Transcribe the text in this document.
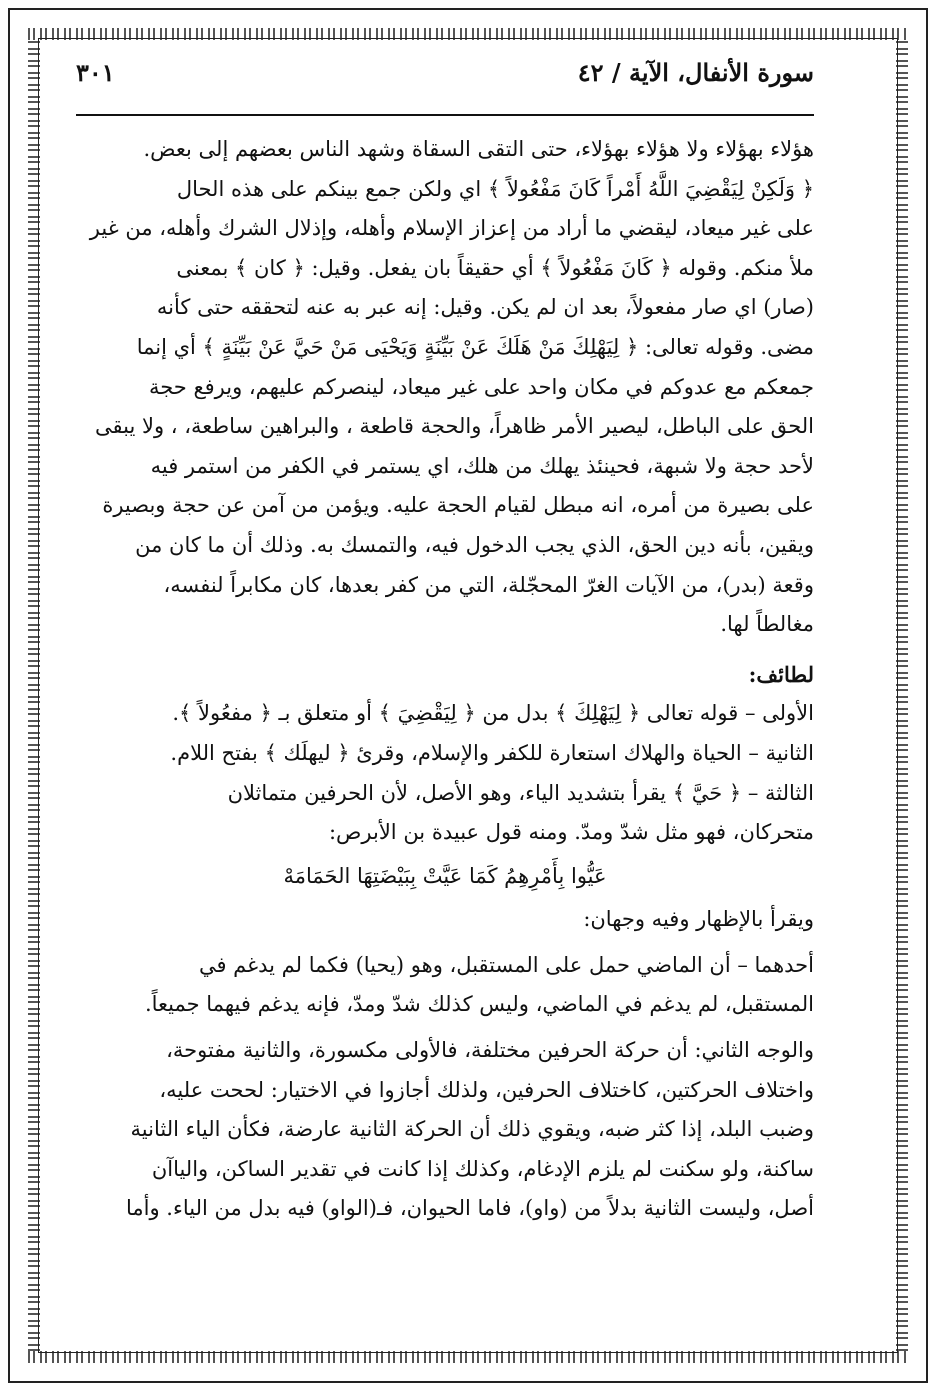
سورة الأنفال، الآية / ٤٢
٣٠١
هؤلاء بهؤلاء ولا هؤلاء بهؤلاء، حتى التقى السقاة وشهد الناس بعضهم إلى بعض.
﴿ وَلَكِنْ لِيَقْضِيَ اللَّهُ أَمْراً كَانَ مَفْعُولاً ﴾ اي ولكن جمع بينكم على هذه الحال
على غير ميعاد، ليقضي ما أراد من إعزاز الإسلام وأهله، وإذلال الشرك وأهله، من غير
ملأ منكم. وقوله ﴿ كَانَ مَفْعُولاً ﴾ أي حقيقاً بان يفعل. وقيل: ﴿ كان ﴾ بمعنى
(صار) اي صار مفعولاً، بعد ان لم يكن. وقيل: إنه عبر به عنه لتحققه حتى كأنه
مضى. وقوله تعالى: ﴿ لِيَهْلِكَ مَنْ هَلَكَ عَنْ بَيِّنَةٍ وَيَحْيَى مَنْ حَيَّ عَنْ بَيِّنَةٍ ﴾ أي إنما
جمعكم مع عدوكم في مكان واحد على غير ميعاد، لينصركم عليهم، ويرفع حجة
الحق على الباطل، ليصير الأمر ظاهراً، والحجة قاطعة ، والبراهين ساطعة، ، ولا يبقى
لأحد حجة ولا شبهة، فحينئذ يهلك من هلك، اي يستمر في الكفر من استمر فيه
على بصيرة من أمره، انه مبطل لقيام الحجة عليه. ويؤمن من آمن عن حجة وبصيرة
ويقين، بأنه دين الحق، الذي يجب الدخول فيه، والتمسك به. وذلك أن ما كان من
وقعة (بدر)، من الآيات الغرّ المحجّلة، التي من كفر بعدها، كان مكابراً لنفسه،
مغالطاً لها.
لطائف:
الأولى – قوله تعالى ﴿ لِيَهْلِكَ ﴾ بدل من ﴿ لِيَقْضِيَ ﴾ أو متعلق بـ ﴿ مفعُولاً ﴾.
الثانية – الحياة والهلاك استعارة للكفر والإسلام، وقرئ ﴿ ليهلَك ﴾ بفتح اللام.
الثالثة – ﴿ حَيَّ ﴾ يقرأ بتشديد الياء، وهو الأصل، لأن الحرفين متماثلان
متحركان، فهو مثل شدّ ومدّ. ومنه قول عبيدة بن الأبرص:
عَيُّوا بِأَمْرِهِمُ كَمَا عَيَّتْ بِبَيْضَتِهَا الحَمَامَهْ
ويقرأ بالإظهار وفيه وجهان:
أحدهما – أن الماضي حمل على المستقبل، وهو (يحيا) فكما لم يدغم في
المستقبل، لم يدغم في الماضي، وليس كذلك شدّ ومدّ، فإنه يدغم فيهما جميعاً.
والوجه الثاني: أن حركة الحرفين مختلفة، فالأولى مكسورة، والثانية مفتوحة،
واختلاف الحركتين، كاختلاف الحرفين، ولذلك أجازوا في الاختيار: لححت عليه،
وضبب البلد، إذا كثر ضبه، ويقوي ذلك أن الحركة الثانية عارضة، فكأن الياء الثانية
ساكنة، ولو سكنت لم يلزم الإدغام، وكذلك إذا كانت في تقدير الساكن، والياآن
أصل، وليست الثانية بدلاً من (واو)، فاما الحيوان، فـ(الواو) فيه بدل من الياء. وأما
